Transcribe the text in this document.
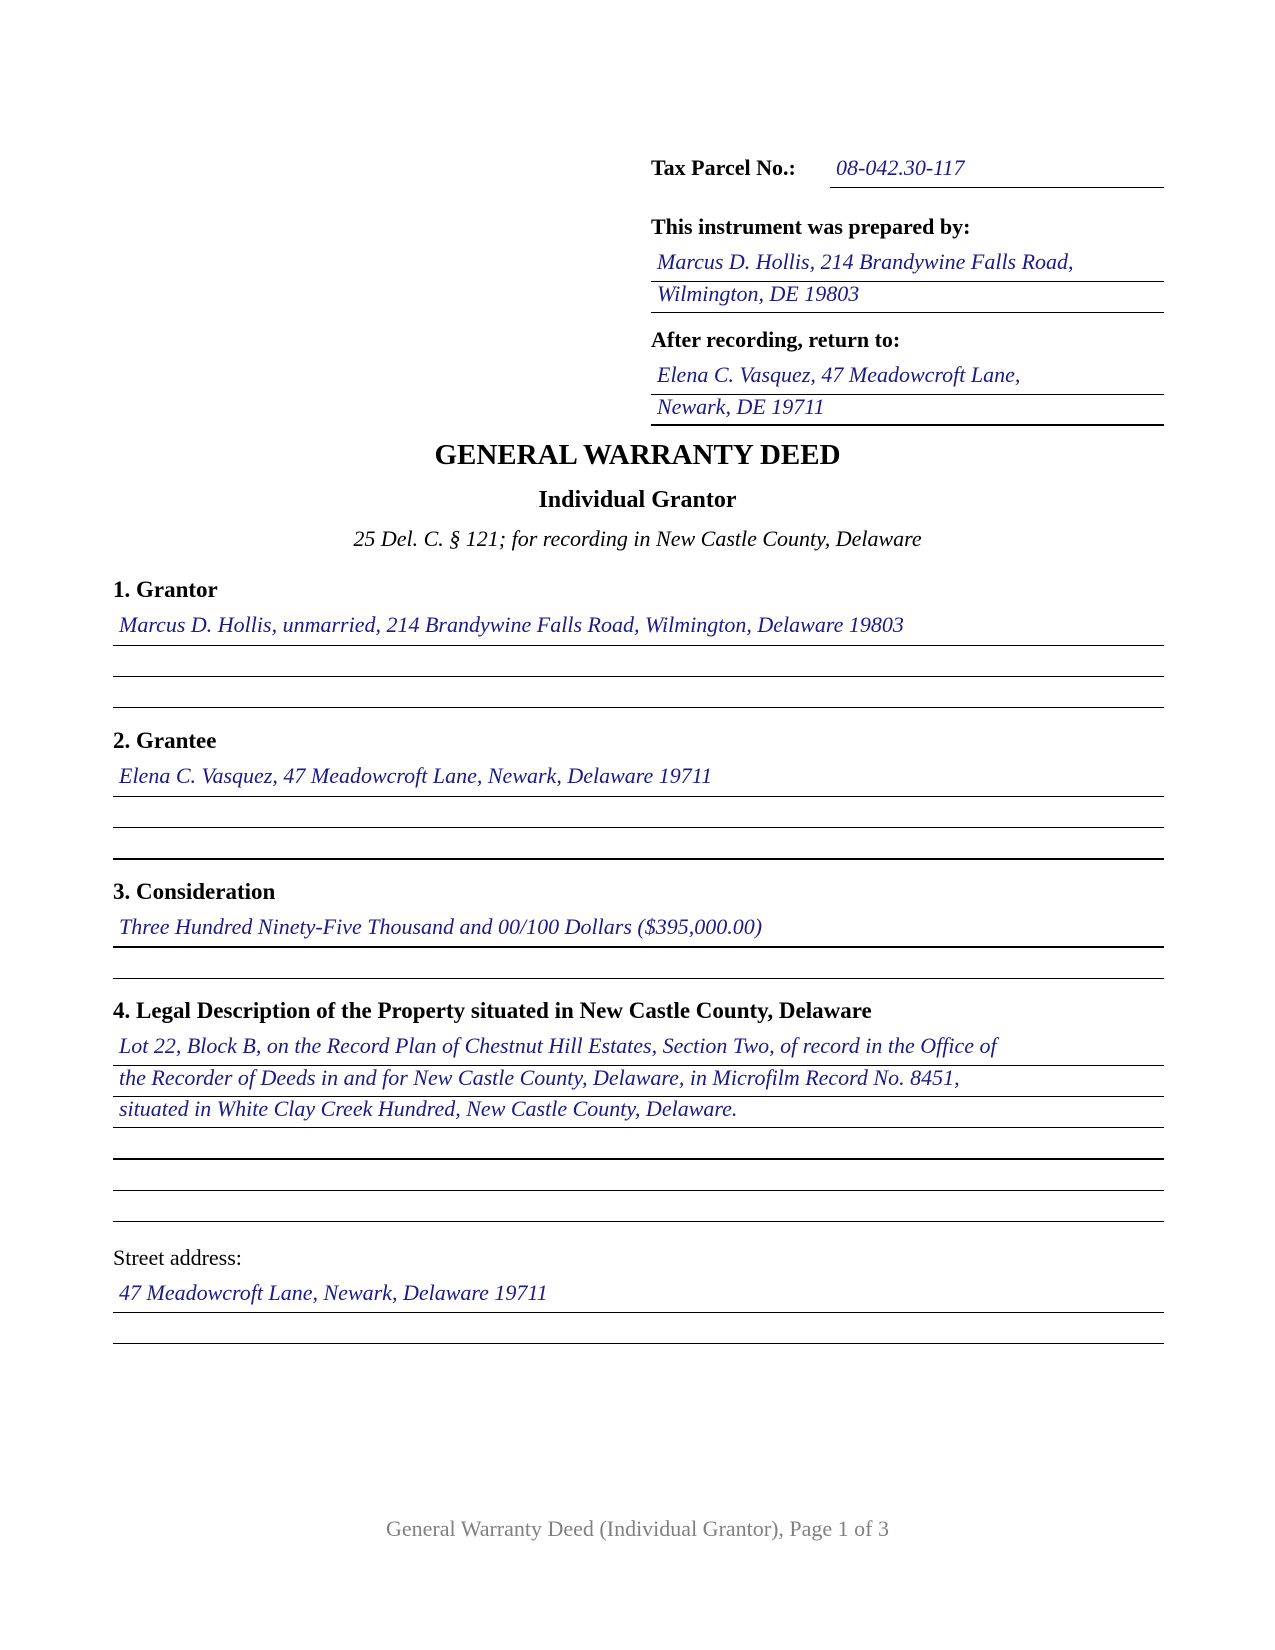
Tax Parcel No.: 08-042.30-117
This instrument was prepared by:
Marcus D. Hollis, 214 Brandywine Falls Road,
Wilmington, DE 19803
After recording, return to:
Elena C. Vasquez, 47 Meadowcroft Lane,
Newark, DE 19711
GENERAL WARRANTY DEED
Individual Grantor
25 Del. C. § 121; for recording in New Castle County, Delaware
1. Grantor
Marcus D. Hollis, unmarried, 214 Brandywine Falls Road, Wilmington, Delaware 19803
2. Grantee
Elena C. Vasquez, 47 Meadowcroft Lane, Newark, Delaware 19711
3. Consideration
Three Hundred Ninety-Five Thousand and 00/100 Dollars ($395,000.00)
4. Legal Description of the Property situated in New Castle County, Delaware
Lot 22, Block B, on the Record Plan of Chestnut Hill Estates, Section Two, of record in the Office of
the Recorder of Deeds in and for New Castle County, Delaware, in Microfilm Record No. 8451,
situated in White Clay Creek Hundred, New Castle County, Delaware.
Street address:
47 Meadowcroft Lane, Newark, Delaware 19711
General Warranty Deed (Individual Grantor), Page 1 of 3
